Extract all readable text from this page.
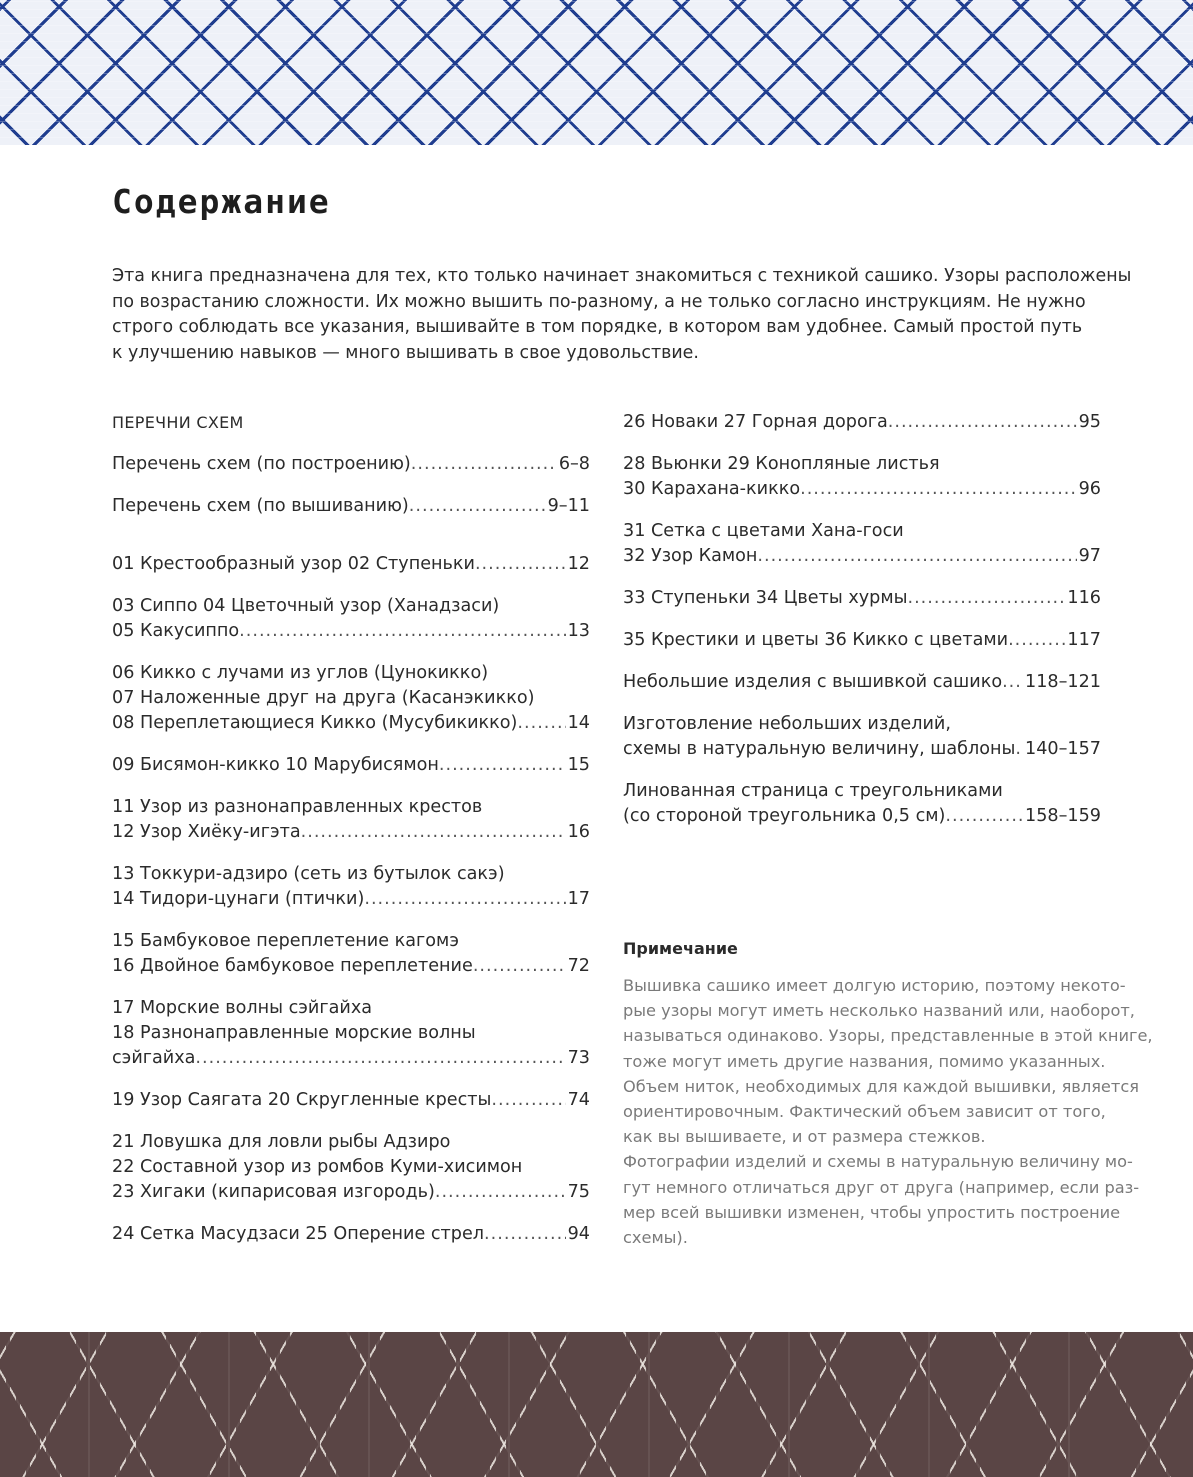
Содержание

Эта книга предназначена для тех, кто только начинает знакомиться с техникой сашико. Узоры расположены
по возрастанию сложности. Их можно вышить по-разному, а не только согласно инструкциям. Не нужно
строго соблюдать все указания, вышивайте в том порядке, в котором вам удобнее. Самый простой путь
к улучшению навыков — много вышивать в свое удовольствие.

ПЕРЕЧНИ СХЕМ
Перечень схем (по построению) .....	6–8
Перечень схем (по вышиванию) .....	9–11
01 Крестообразный узор 02 Ступеньки .....	12
03 Сиппо 04 Цветочный узор (Ханадзаси)
05 Какусиппо .....	13
06 Кикко с лучами из углов (Цунокикко)
07 Наложенные друг на друга (Касанэкикко)
08 Переплетающиеся Кикко (Мусубикикко) .....	14
09 Бисямон-кикко 10 Марубисямон .....	15
11 Узор из разнонаправленных крестов
12 Узор Хиёку-игэта .....	16
13 Токкури-адзиро (сеть из бутылок сакэ)
14 Тидори-цунаги (птички) .....	17
15 Бамбуковое переплетение кагомэ
16 Двойное бамбуковое переплетение .....	72
17 Морские волны сэйгайха
18 Разнонаправленные морские волны
сэйгайха .....	73
19 Узор Саягата 20 Скругленные кресты .....	74
21 Ловушка для ловли рыбы Адзиро
22 Составной узор из ромбов Куми-хисимон
23 Хигаки (кипарисовая изгородь) .....	75
24 Сетка Масудзаси 25 Оперение стрел .....	94
26 Новаки 27 Горная дорога .....	95
28 Вьюнки 29 Конопляные листья
30 Карахана-кикко .....	96
31 Сетка с цветами Хана-госи
32 Узор Камон .....	97
33 Ступеньки 34 Цветы хурмы .....	116
35 Крестики и цветы 36 Кикко с цветами .....	117
Небольшие изделия с вышивкой сашико ..... 118–121
Изготовление небольших изделий,
схемы в натуральную величину, шаблоны ..... 140–157
Линованная страница с треугольниками
(со стороной треугольника 0,5 см) .....	158–159
Примечание
Вышивка сашико имеет долгую историю, поэтому некото-
рые узоры могут иметь несколько названий или, наоборот,
называться одинаково. Узоры, представленные в этой книге,
тоже могут иметь другие названия, помимо указанных.
Объем ниток, необходимых для каждой вышивки, является
ориентировочным. Фактический объем зависит от того,
как вы вышиваете, и от размера стежков.
Фотографии изделий и схемы в натуральную величину мо-
гут немного отличаться друг от друга (например, если раз-
мер всей вышивки изменен, чтобы упростить построение
схемы).
